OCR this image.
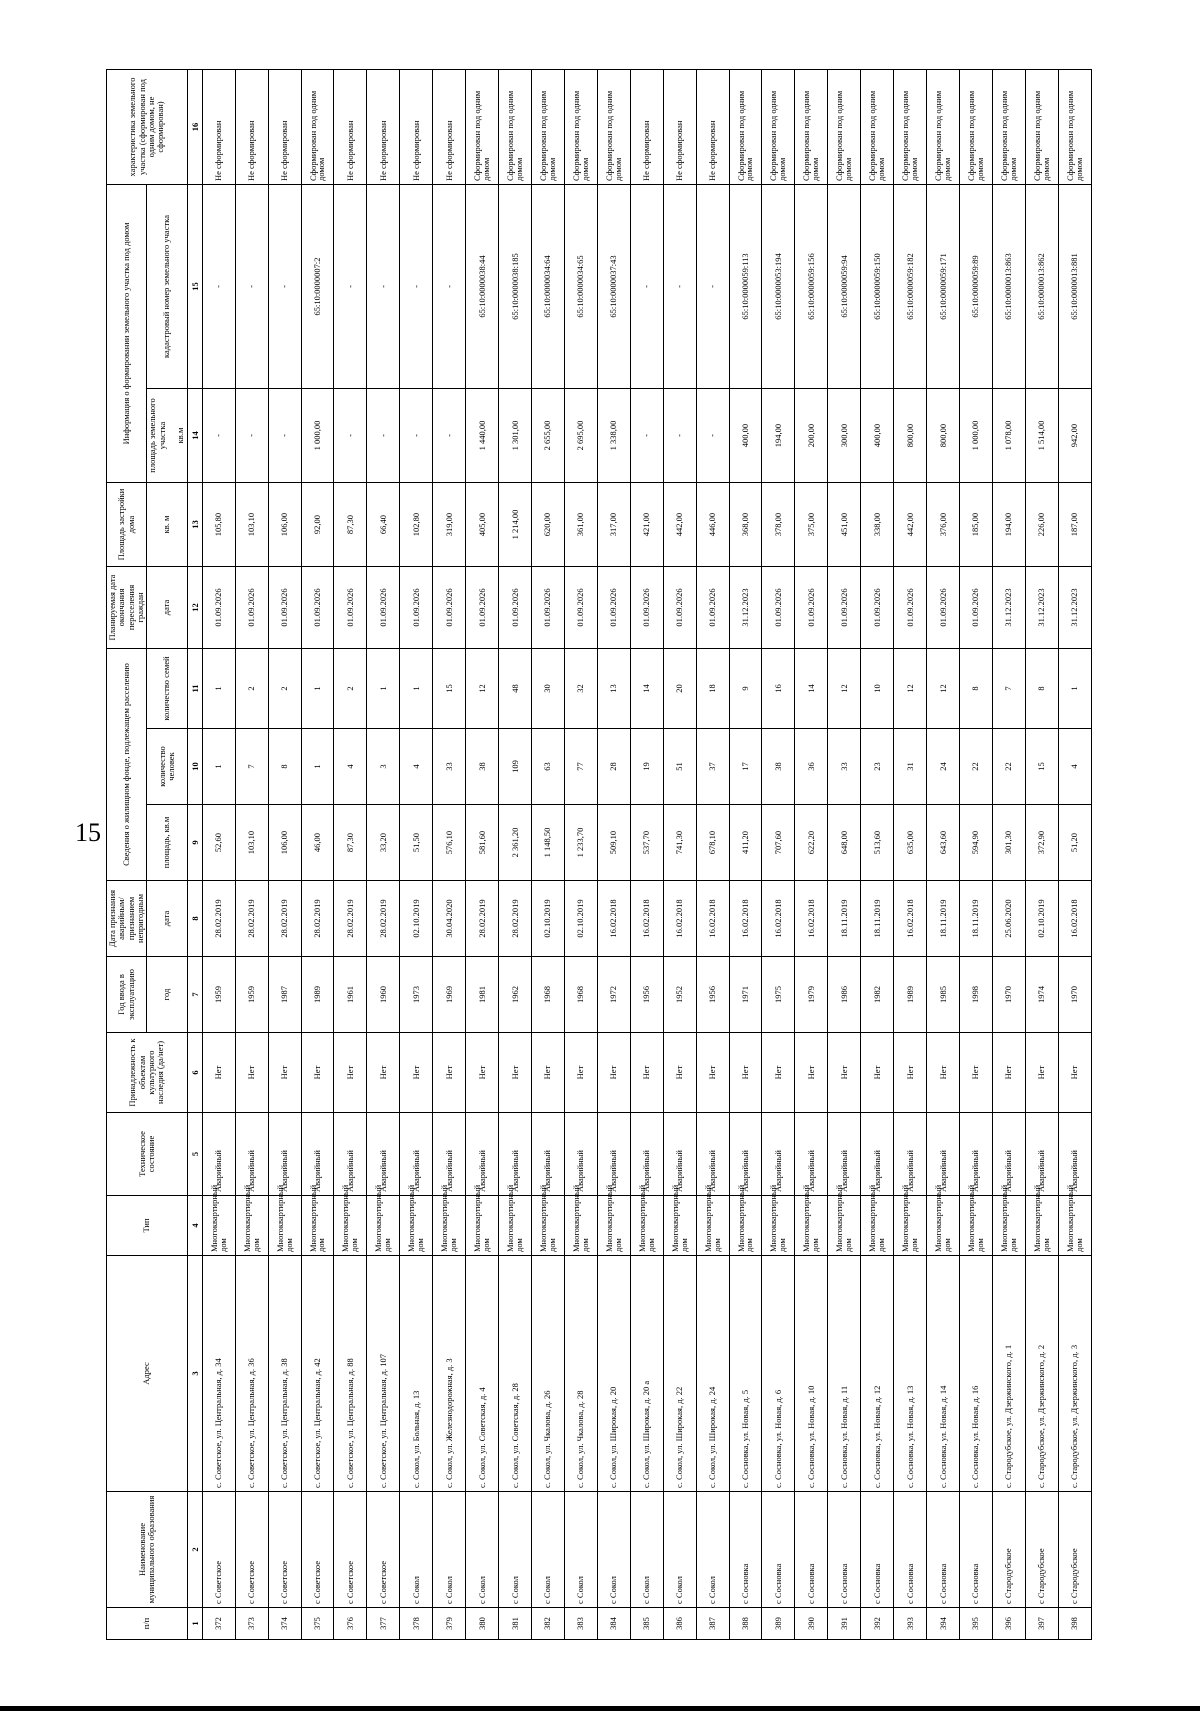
15
п/п	Наименование муниципального образования	Адрес	Тип	Техническое состояние	Принадлежность к объектам культурного наследия (да/нет)	Год ввода в эксплуатацию	Дата признания аварийным/признанием непригодным	Сведения о жилищном фонде, подлежащем расселению			Планируемая дата окончания переселения граждан	Площадь застройки дома	Информация о формировании земельного участка под домом		характеристика земельного участка (сформирован под одним домом, не сформирован)
						год	дата	площадь, кв.м	количество человек	количество семей	дата	кв. м	площадь земельного участка кв.м	кадастровый номер земельного участка	
1	2	3	4	5	6	7	8	9	10	11	12	13	14	15	16
372	с Советское	с. Советское, ул. Центральная, д. 34	Многоквартирный дом	Аварийный	Нет	1959	28.02.2019	52,60	1	1	01.09.2026	105,80	-	-	Не сформирован
373	с Советское	с. Советское, ул. Центральная, д. 36	Многоквартирный дом	Аварийный	Нет	1959	28.02.2019	103,10	7	2	01.09.2026	103,10	-	-	Не сформирован
374	с Советское	с. Советское, ул. Центральная, д. 38	Многоквартирный дом	Аварийный	Нет	1987	28.02.2019	106,00	8	2	01.09.2026	106,00	-	-	Не сформирован
375	с Советское	с. Советское, ул. Центральная, д. 42	Многоквартирный дом	Аварийный	Нет	1989	28.02.2019	46,00	1	1	01.09.2026	92,00	1 000,00	65:10:0000007:2	Сформирован под одним домом
376	с Советское	с. Советское, ул. Центральная, д. 88	Многоквартирный дом	Аварийный	Нет	1961	28.02.2019	87,30	4	2	01.09.2026	87,30	-	-	Не сформирован
377	с Советское	с. Советское, ул. Центральная, д. 107	Многоквартирный дом	Аварийный	Нет	1960	28.02.2019	33,20	3	1	01.09.2026	66,40	-	-	Не сформирован
378	с Сокол	с. Сокол, ул. Больная, д. 13	Многоквартирный дом	Аварийный	Нет	1973	02.10.2019	51,50	4	1	01.09.2026	102,80	-	-	Не сформирован
379	с Сокол	с. Сокол, ул. Железнодорожная, д. 3	Многоквартирный дом	Аварийный	Нет	1969	30.04.2020	576,10	33	15	01.09.2026	319,00	-	-	Не сформирован
380	с Сокол	с. Сокол, ул. Советская, д. 4	Многоквартирный дом	Аварийный	Нет	1981	28.02.2019	581,60	38	12	01.09.2026	405,00	1 440,00	65:10:0000038:44	Сформирован под одним домом
381	с Сокол	с. Сокол, ул. Советская, д. 28	Многоквартирный дом	Аварийный	Нет	1962	28.02.2019	2 361,20	109	48	01.09.2026	1 214,00	1 301,00	65:10:0000038:185	Сформирован под одним домом
382	с Сокол	с. Сокол, ул. Чкалова, д. 26	Многоквартирный дом	Аварийный	Нет	1968	02.10.2019	1 148,50	63	30	01.09.2026	620,00	2 655,00	65:10:0000034:64	Сформирован под одним домом
383	с Сокол	с. Сокол, ул. Чкалова, д. 28	Многоквартирный дом	Аварийный	Нет	1968	02.10.2019	1 233,70	77	32	01.09.2026	361,00	2 695,00	65:10:0000034:65	Сформирован под одним домом
384	с Сокол	с. Сокол, ул. Широкая, д. 20	Многоквартирный дом	Аварийный	Нет	1972	16.02.2018	509,10	28	13	01.09.2026	317,00	1 338,00	65:10:0000037:43	Сформирован под одним домом
385	с Сокол	с. Сокол, ул. Широкая, д. 20 а	Многоквартирный дом	Аварийный	Нет	1956	16.02.2018	537,70	19	14	01.09.2026	421,00	-	-	Не сформирован
386	с Сокол	с. Сокол, ул. Широкая, д. 22	Многоквартирный дом	Аварийный	Нет	1952	16.02.2018	741,30	51	20	01.09.2026	442,00	-	-	Не сформирован
387	с Сокол	с. Сокол, ул. Широкая, д. 24	Многоквартирный дом	Аварийный	Нет	1956	16.02.2018	678,10	37	18	01.09.2026	446,00	-	-	Не сформирован
388	с Сосновка	с. Сосновка, ул. Новая, д. 5	Многоквартирный дом	Аварийный	Нет	1971	16.02.2018	411,20	17	9	31.12.2023	368,00	400,00	65:10:0000059:113	Сформирован под одним домом
389	с Сосновка	с. Сосновка, ул. Новая, д. 6	Многоквартирный дом	Аварийный	Нет	1975	16.02.2018	707,60	38	16	01.09.2026	378,00	194,00	65:10:0000053:194	Сформирован под одним домом
390	с Сосновка	с. Сосновка, ул. Новая, д. 10	Многоквартирный дом	Аварийный	Нет	1979	16.02.2018	622,20	36	14	01.09.2026	375,00	200,00	65:10:0000059:156	Сформирован под одним домом
391	с Сосновка	с. Сосновка, ул. Новая, д. 11	Многоквартирный дом	Аварийный	Нет	1986	18.11.2019	648,00	33	12	01.09.2026	451,00	300,00	65:10:0000059:94	Сформирован под одним домом
392	с Сосновка	с. Сосновка, ул. Новая, д. 12	Многоквартирный дом	Аварийный	Нет	1982	18.11.2019	513,60	23	10	01.09.2026	338,00	400,00	65:10:0000059:150	Сформирован под одним домом
393	с Сосновка	с. Сосновка, ул. Новая, д. 13	Многоквартирный дом	Аварийный	Нет	1989	16.02.2018	635,00	31	12	01.09.2026	442,00	800,00	65:10:0000059:182	Сформирован под одним домом
394	с Сосновка	с. Сосновка, ул. Новая, д. 14	Многоквартирный дом	Аварийный	Нет	1985	18.11.2019	643,60	24	12	01.09.2026	376,00	800,00	65:10:0000059:171	Сформирован под одним домом
395	с Сосновка	с. Сосновка, ул. Новая, д. 16	Многоквартирный дом	Аварийный	Нет	1998	18.11.2019	594,90	22	8	01.09.2026	185,00	1 000,00	65:10:0000059:89	Сформирован под одним домом
396	с Стародубское	с. Стародубское, ул. Дзержинского, д. 1	Многоквартирный дом	Аварийный	Нет	1970	25.06.2020	301,30	22	7	31.12.2023	194,00	1 078,00	65:10:0000013:863	Сформирован под одним домом
397	с Стародубское	с. Стародубское, ул. Дзержинского, д. 2	Многоквартирный дом	Аварийный	Нет	1974	02.10.2019	372,90	15	8	31.12.2023	226,00	1 514,00	65:10:0000013:862	Сформирован под одним домом
398	с Стародубское	с. Стародубское, ул. Дзержинского, д. 3	Многоквартирный дом	Аварийный	Нет	1970	16.02.2018	51,20	4	1	31.12.2023	187,00	942,00	65:10:0000013:881	Сформирован под одним домом
